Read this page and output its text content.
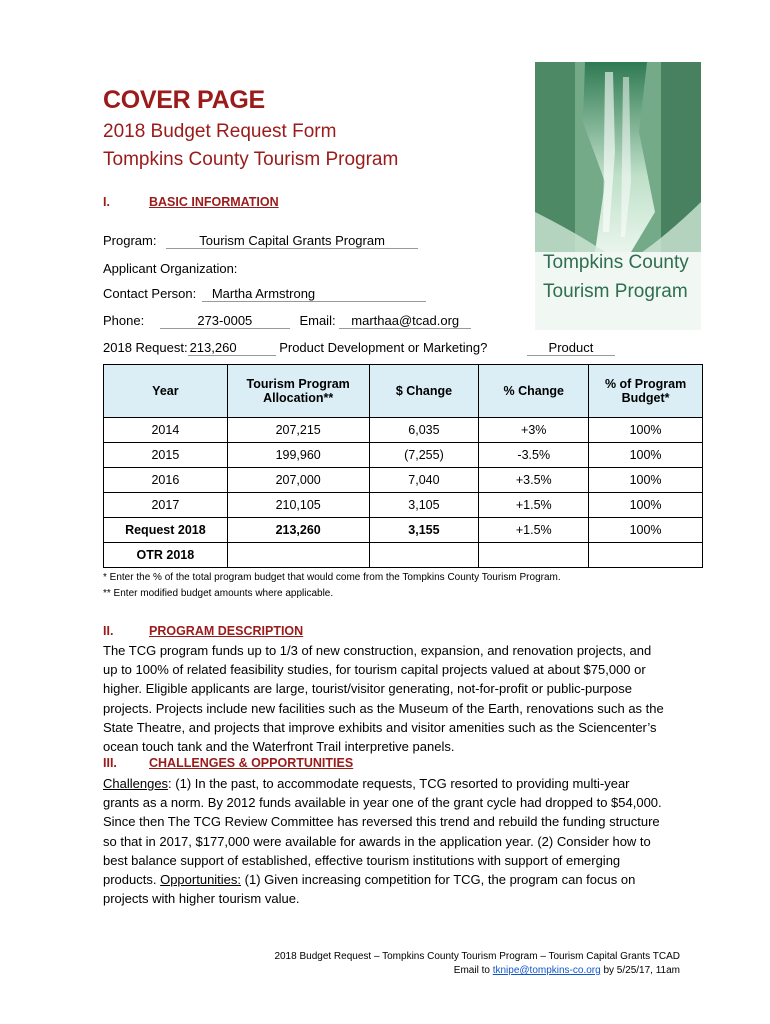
COVER PAGE
2018 Budget Request Form
Tompkins County Tourism Program
Tompkins County
Tourism Program
I.	BASIC INFORMATION
Program:	Tourism Capital Grants Program
Applicant Organization:
Contact Person: Martha Armstrong
Phone:	273-0005	Email: marthaa@tcad.org
2018 Request: 213,260	Product Development or Marketing?	Product
Year	Tourism Program Allocation**	$ Change	% Change	% of Program Budget*
2014	207,215	6,035	+3%	100%
2015	199,960	(7,255)	-3.5%	100%
2016	207,000	7,040	+3.5%	100%
2017	210,105	3,105	+1.5%	100%
Request 2018	213,260	3,155	+1.5%	100%
OTR 2018				
* Enter the % of the total program budget that would come from the Tompkins County Tourism Program.
** Enter modified budget amounts where applicable.
II.	PROGRAM DESCRIPTION
The TCG program funds up to 1/3 of new construction, expansion, and renovation projects, and
up to 100% of related feasibility studies, for tourism capital projects valued at about $75,000 or
higher. Eligible applicants are large, tourist/visitor generating, not-for-profit or public-purpose
projects. Projects include new facilities such as the Museum of the Earth, renovations such as the
State Theatre, and projects that improve exhibits and visitor amenities such as the Sciencenter’s
ocean touch tank and the Waterfront Trail interpretive panels.
III.	CHALLENGES & OPPORTUNITIES
Challenges: (1) In the past, to accommodate requests, TCG resorted to providing multi-year
grants as a norm. By 2012 funds available in year one of the grant cycle had dropped to $54,000.
Since then The TCG Review Committee has reversed this trend and rebuild the funding structure
so that in 2017, $177,000 were available for awards in the application year. (2) Consider how to
best balance support of established, effective tourism institutions with support of emerging
products. Opportunities: (1) Given increasing competition for TCG, the program can focus on
projects with higher tourism value.
2018 Budget Request – Tompkins County Tourism Program – Tourism Capital Grants TCAD
Email to tknipe@tompkins-co.org by 5/25/17, 11am
